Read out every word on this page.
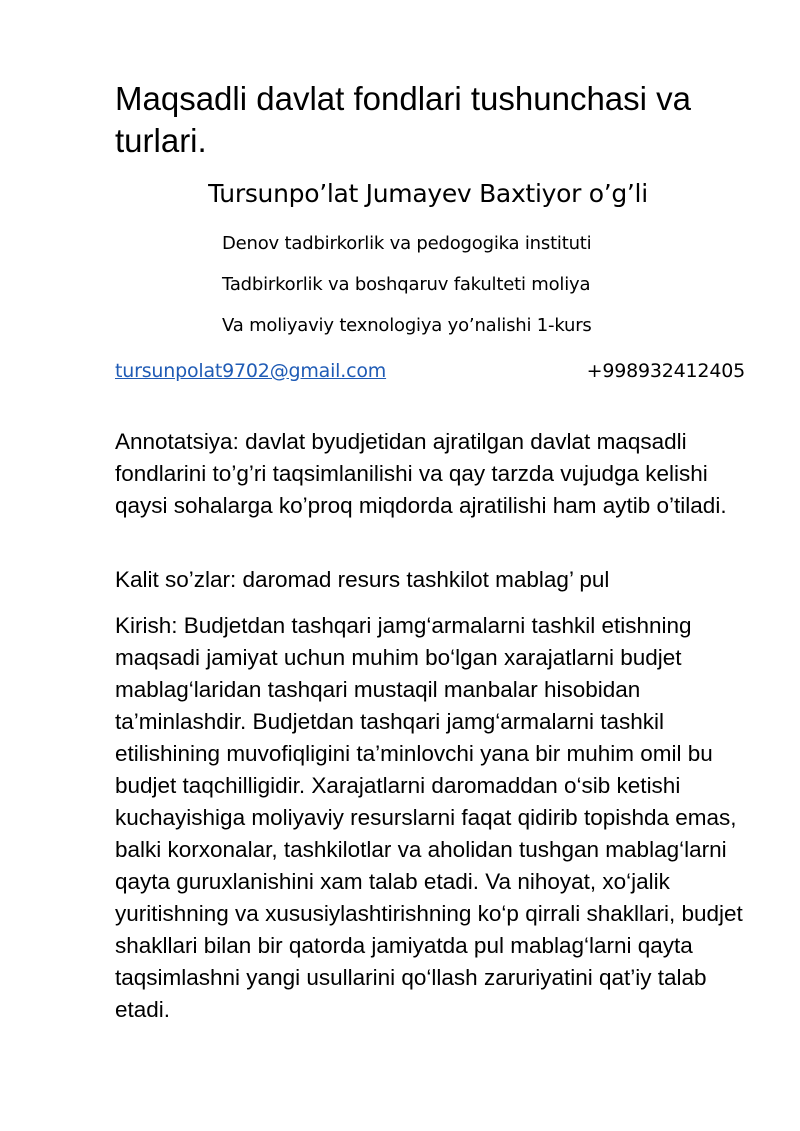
Maqsadli davlat fondlari tushunchasi va turlari.
Tursunpo’lat Jumayev Baxtiyor o’g’li
Denov tadbirkorlik va pedogogika instituti
Tadbirkorlik va boshqaruv fakulteti moliya
Va moliyaviy texnologiya yo’nalishi 1-kurs
tursunpolat9702@gmail.com	+998932412405

Annotatsiya: davlat byudjetidan ajratilgan davlat maqsadli fondlarini to’g’ri taqsimlanilishi va qay tarzda vujudga kelishi qaysi sohalarga ko’proq miqdorda ajratilishi ham aytib o’tiladi.

Kalit so’zlar: daromad resurs tashkilot mablag’ pul

Kirish: Budjetdan tashqari jamg‘armalarni tashkil etishning maqsadi jamiyat uchun muhim bo‘lgan xarajatlarni budjet mablag‘laridan tashqari mustaqil manbalar hisobidan ta’minlashdir. Budjetdan tashqari jamg‘armalarni tashkil etilishining muvofiqligini ta’minlovchi yana bir muhim omil bu budjet taqchilligidir. Xarajatlarni daromaddan o‘sib ketishi kuchayishiga moliyaviy resurslarni faqat qidirib topishda emas, balki korxonalar, tashkilotlar va aholidan tushgan mablag‘larni qayta guruxlanishini xam talab etadi. Va nihoyat, xo‘jalik yuritishning va xususiylashtirishning ko‘p qirrali shakllari, budjet shakllari bilan bir qatorda jamiyatda pul mablag‘larni qayta taqsimlashni yangi usullarini qo‘llash zaruriyatini qat’iy talab etadi.
